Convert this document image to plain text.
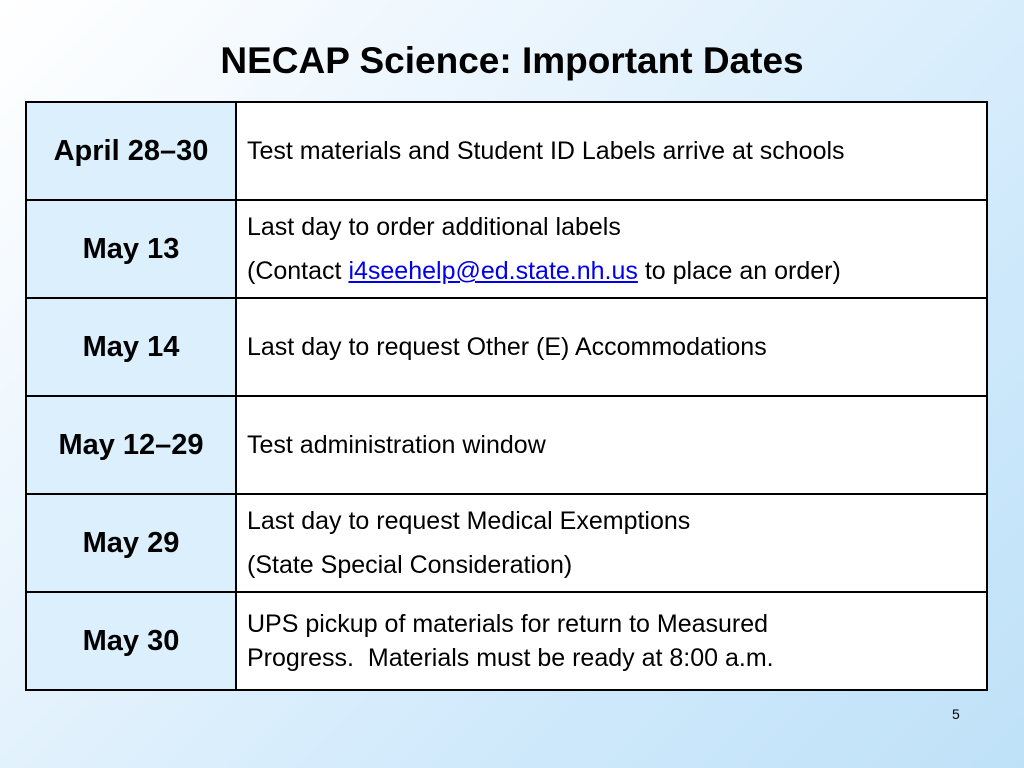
NECAP Science: Important Dates
April 28–30	Test materials and Student ID Labels arrive at schools

May 13	Last day to order additional labels
(Contact i4seehelp@ed.state.nh.us to place an order)

May 14	Last day to request Other (E) Accommodations

May 12–29	Test administration window

May 29	Last day to request Medical Exemptions
(State Special Consideration)

May 30	UPS pickup of materials for return to Measured
Progress.  Materials must be ready at 8:00 a.m.
5
